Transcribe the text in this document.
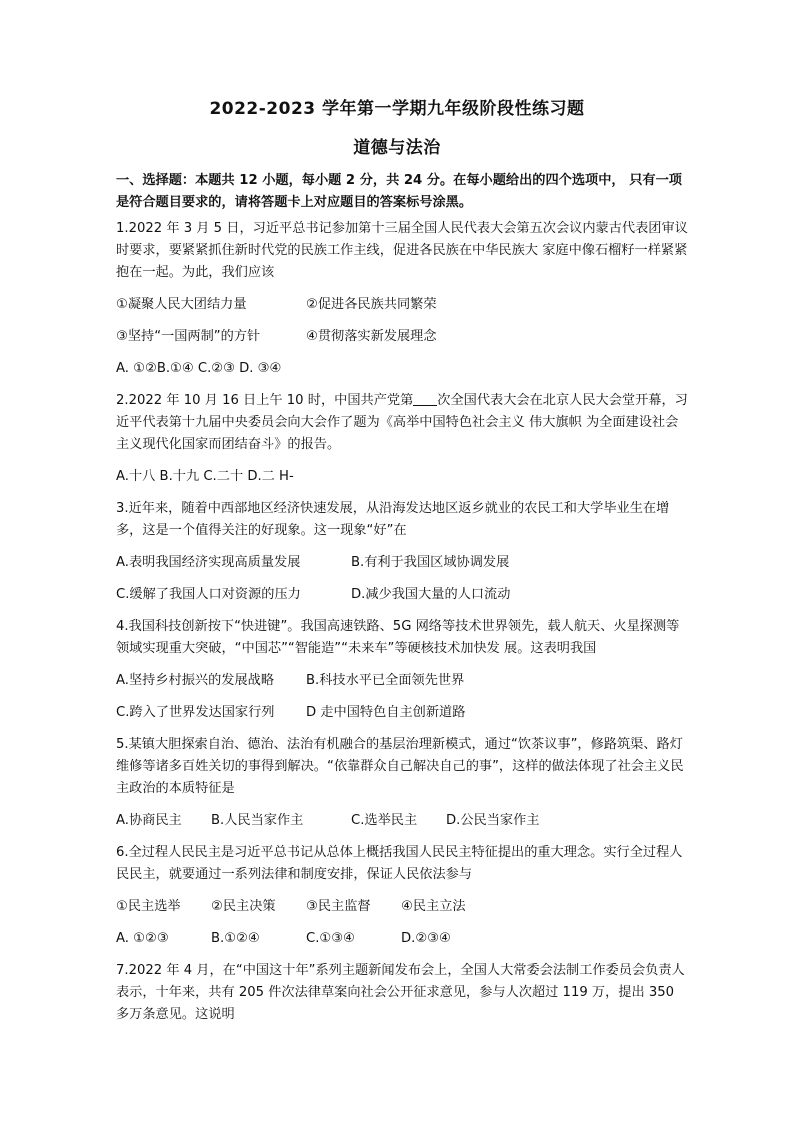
2022-2023 学年第一学期九年级阶段性练习题
道德与法治
一、选择题：本题共 12 小题，每小题 2 分，共 24 分。在每小题给出的四个选项中， 只有一项是符合题目要求的，请将答题卡上对应题目的答案标号涂黑。
1.2022 年 3 月 5 日，习近平总书记参加第十三届全国人民代表大会第五次会议内蒙古代表团审议时要求，要紧紧抓住新时代党的民族工作主线，促进各民族在中华民族大 家庭中像石榴籽一样紧紧抱在一起。为此，我们应该
①凝聚人民大团结力量	②促进各民族共同繁荣
③坚持“一国两制”的方针	④贯彻落实新发展理念
A. ①②B.①④ C.②③ D. ③④
2.2022 年 10 月 16 日上午 10 时，中国共产党第 次全国代表大会在北京人民大会堂开幕，习近平代表第十九届中央委员会向大会作了题为《高举中国特色社会主义 伟大旗帜 为全面建设社会主义现代化国家而团结奋斗》的报告。
A.十八 B.十九 C.二十 D.二 H-
3.近年来，随着中西部地区经济快速发展，从沿海发达地区返乡就业的农民工和大学毕业生在增多，这是一个值得关注的好现象。这一现象“好”在
A.表明我国经济实现高质量发展	B.有利于我国区域协调发展
C.缓解了我国人口对资源的压力	D.减少我国大量的人口流动
4.我国科技创新按下“快进键”。我国高速铁路、5G 网络等技术世界领先，载人航天、火星探测等领域实现重大突破，“中国芯”“智能造”“未来车”等硬核技术加快发 展。这表明我国
A.坚持乡村振兴的发展战略	B.科技水平已全面领先世界
C.跨入了世界发达国家行列	D 走中国特色自主创新道路
5.某镇大胆探索自治、德治、法治有机融合的基层治理新模式，通过“饮茶议事”，修路筑渠、路灯维修等诸多百姓关切的事得到解决。“依靠群众自己解决自己的事”，这样的做法体现了社会主义民主政治的本质特征是
A.协商民主	B.人民当家作主	C.选举民主	D.公民当家作主
6.全过程人民民主是习近平总书记从总体上概括我国人民民主特征提出的重大理念。实行全过程人民民主，就要通过一系列法律和制度安排，保证人民依法参与
①民主选举	②民主决策	③民主监督	④民主立法
A. ①②③	B.①②④	C.①③④	D.②③④
7.2022 年 4 月，在“中国这十年”系列主题新闻发布会上，全国人大常委会法制工作委员会负责人表示，十年来，共有 205 件次法律草案向社会公开征求意见，参与人次超过 119 万，提出 350 多万条意见。这说明
